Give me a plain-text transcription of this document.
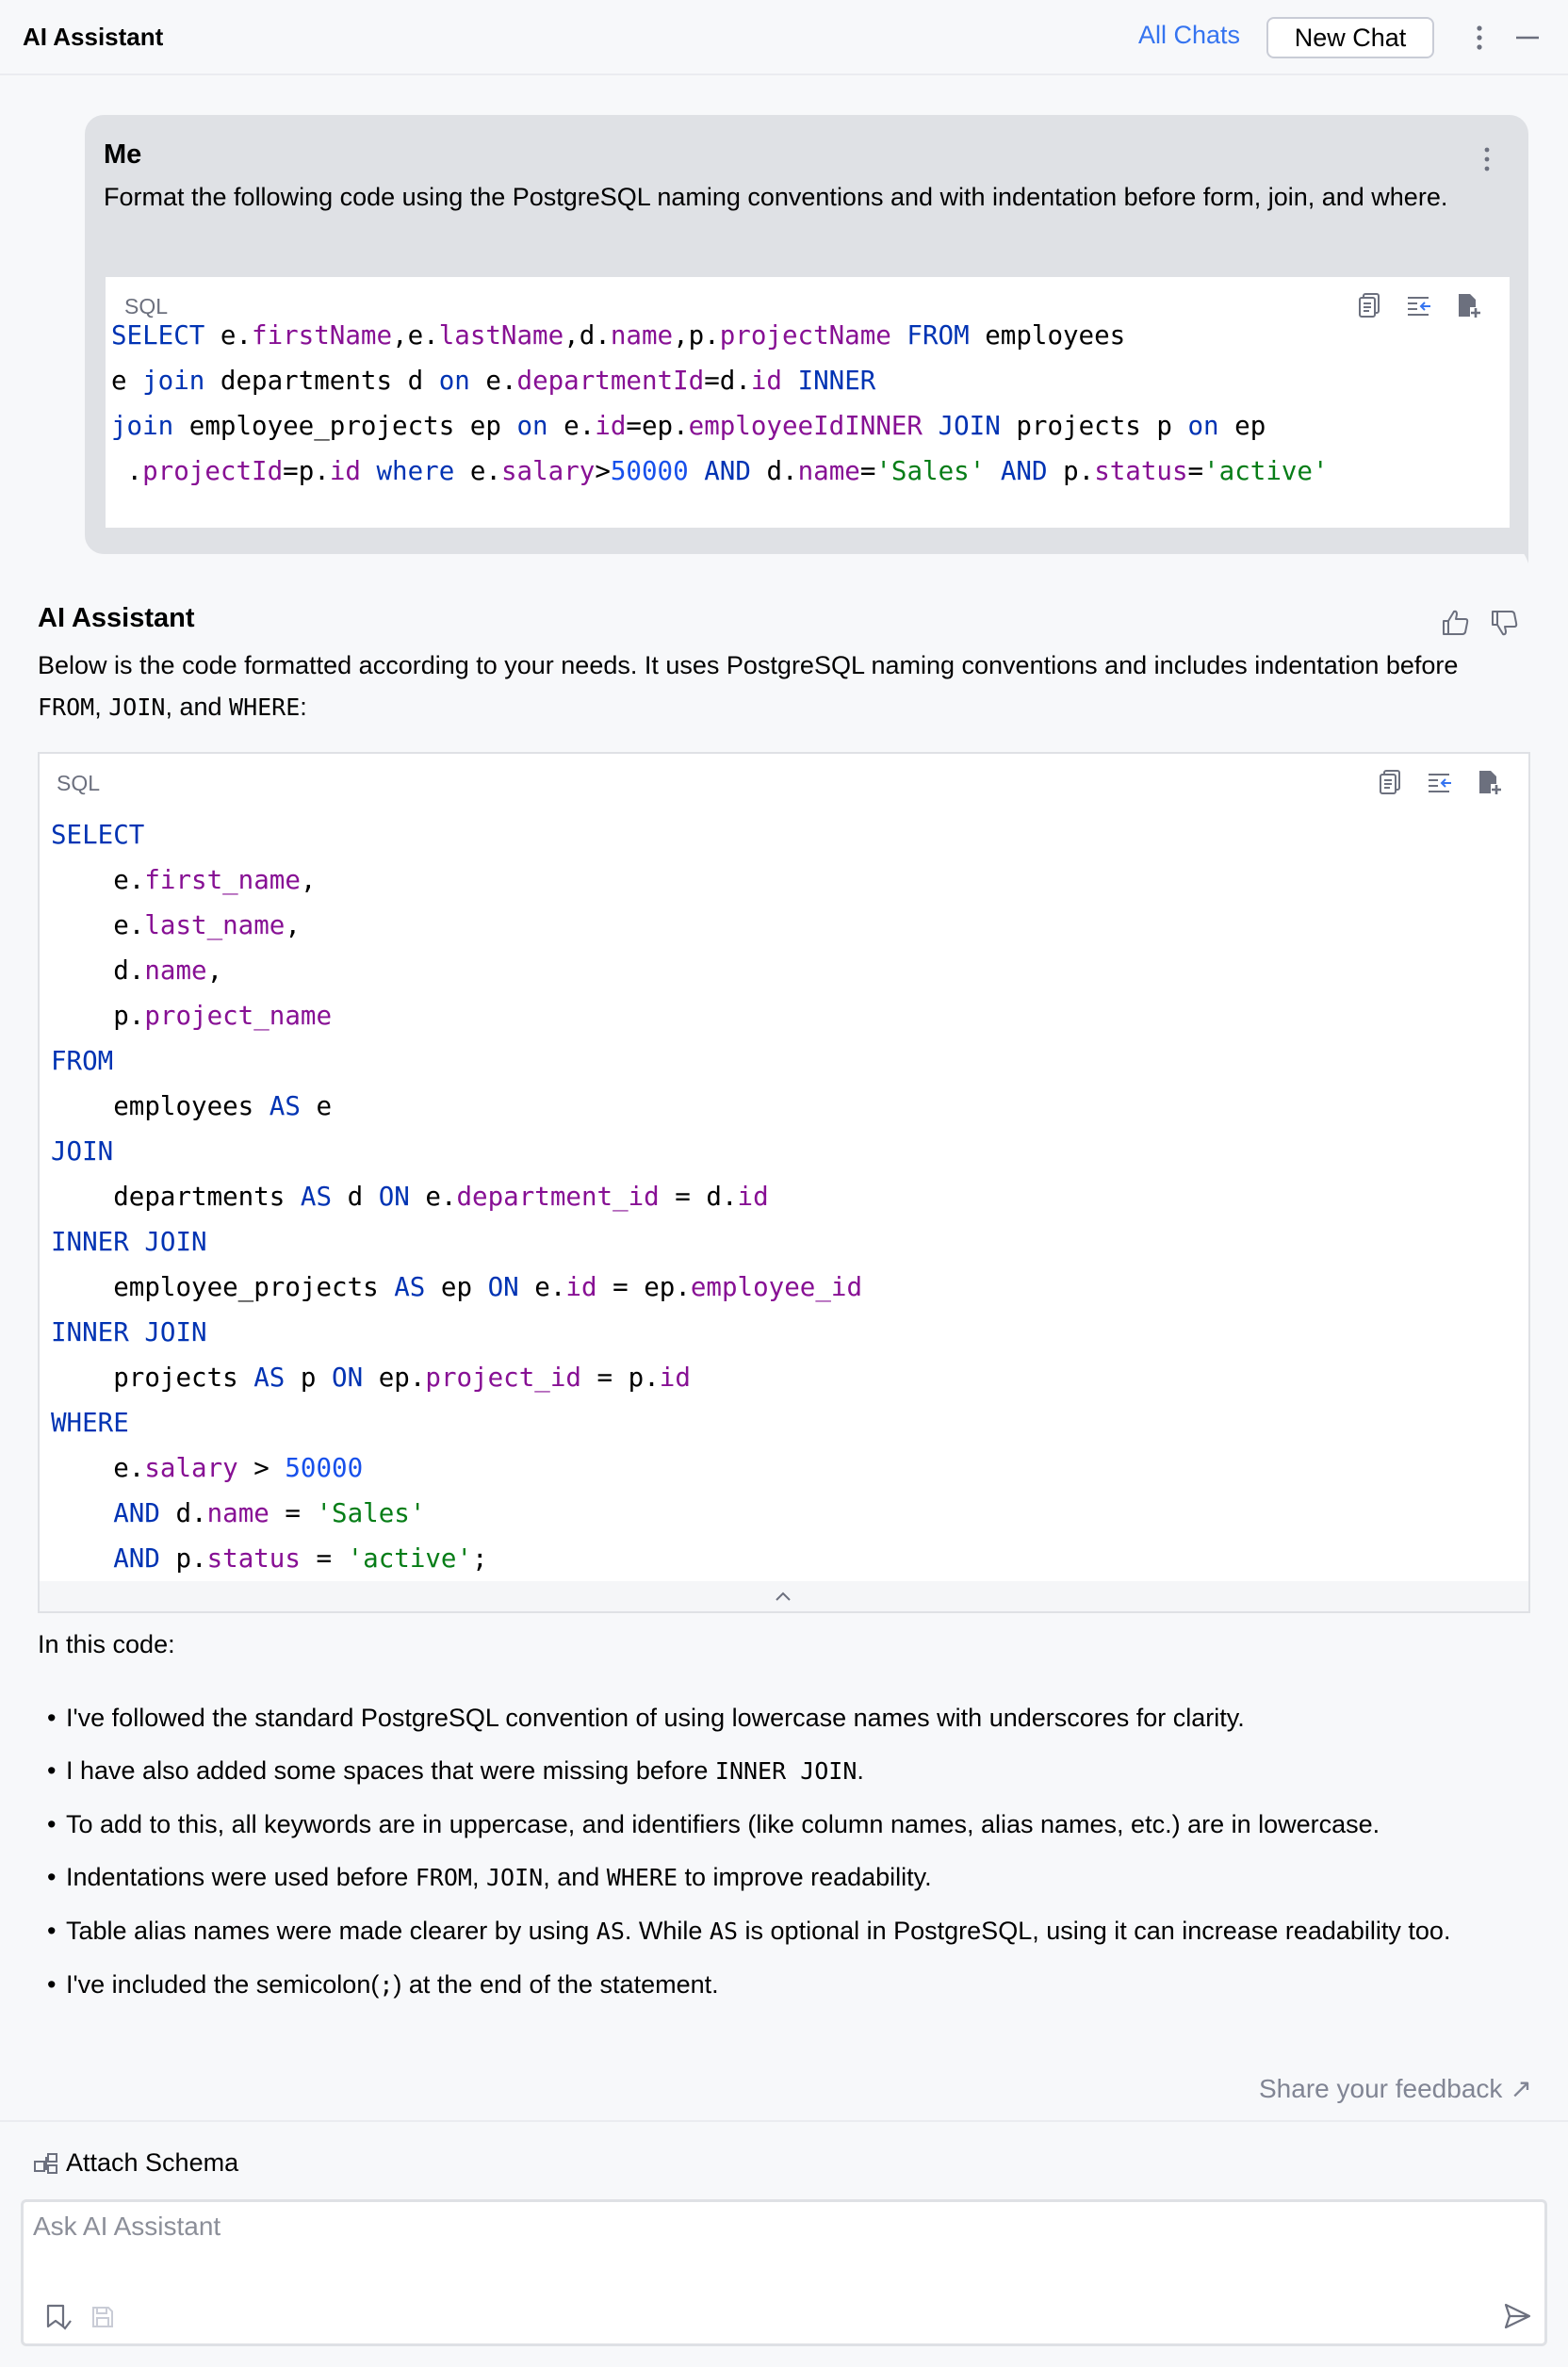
AI Assistant	All Chats	New Chat
Me
Format the following code using the PostgreSQL naming conventions and with indentation before form, join, and where.
SQL
SELECT e.firstName,e.lastName,d.name,p.projectName FROM employees
e join departments d on e.departmentId=d.id INNER
join employee_projects ep on e.id=ep.employeeIdINNER JOIN projects p on ep
.projectId=p.id where e.salary>50000 AND d.name='Sales' AND p.status='active'
AI Assistant
Below is the code formatted according to your needs. It uses PostgreSQL naming conventions and includes indentation before FROM, JOIN, and WHERE:
SQL
SELECT
e.first_name,
e.last_name,
d.name,
p.project_name
FROM
employees AS e
JOIN
departments AS d ON e.department_id = d.id
INNER JOIN
employee_projects AS ep ON e.id = ep.employee_id
INNER JOIN
projects AS p ON ep.project_id = p.id
WHERE
e.salary > 50000
AND d.name = 'Sales'
AND p.status = 'active';
In this code:
• I've followed the standard PostgreSQL convention of using lowercase names with underscores for clarity.
• I have also added some spaces that were missing before INNER JOIN.
• To add to this, all keywords are in uppercase, and identifiers (like column names, alias names, etc.) are in lowercase.
• Indentations were used before FROM, JOIN, and WHERE to improve readability.
• Table alias names were made clearer by using AS. While AS is optional in PostgreSQL, using it can increase readability too.
• I've included the semicolon(;) at the end of the statement.
Share your feedback ↗
Attach Schema
Ask AI Assistant
